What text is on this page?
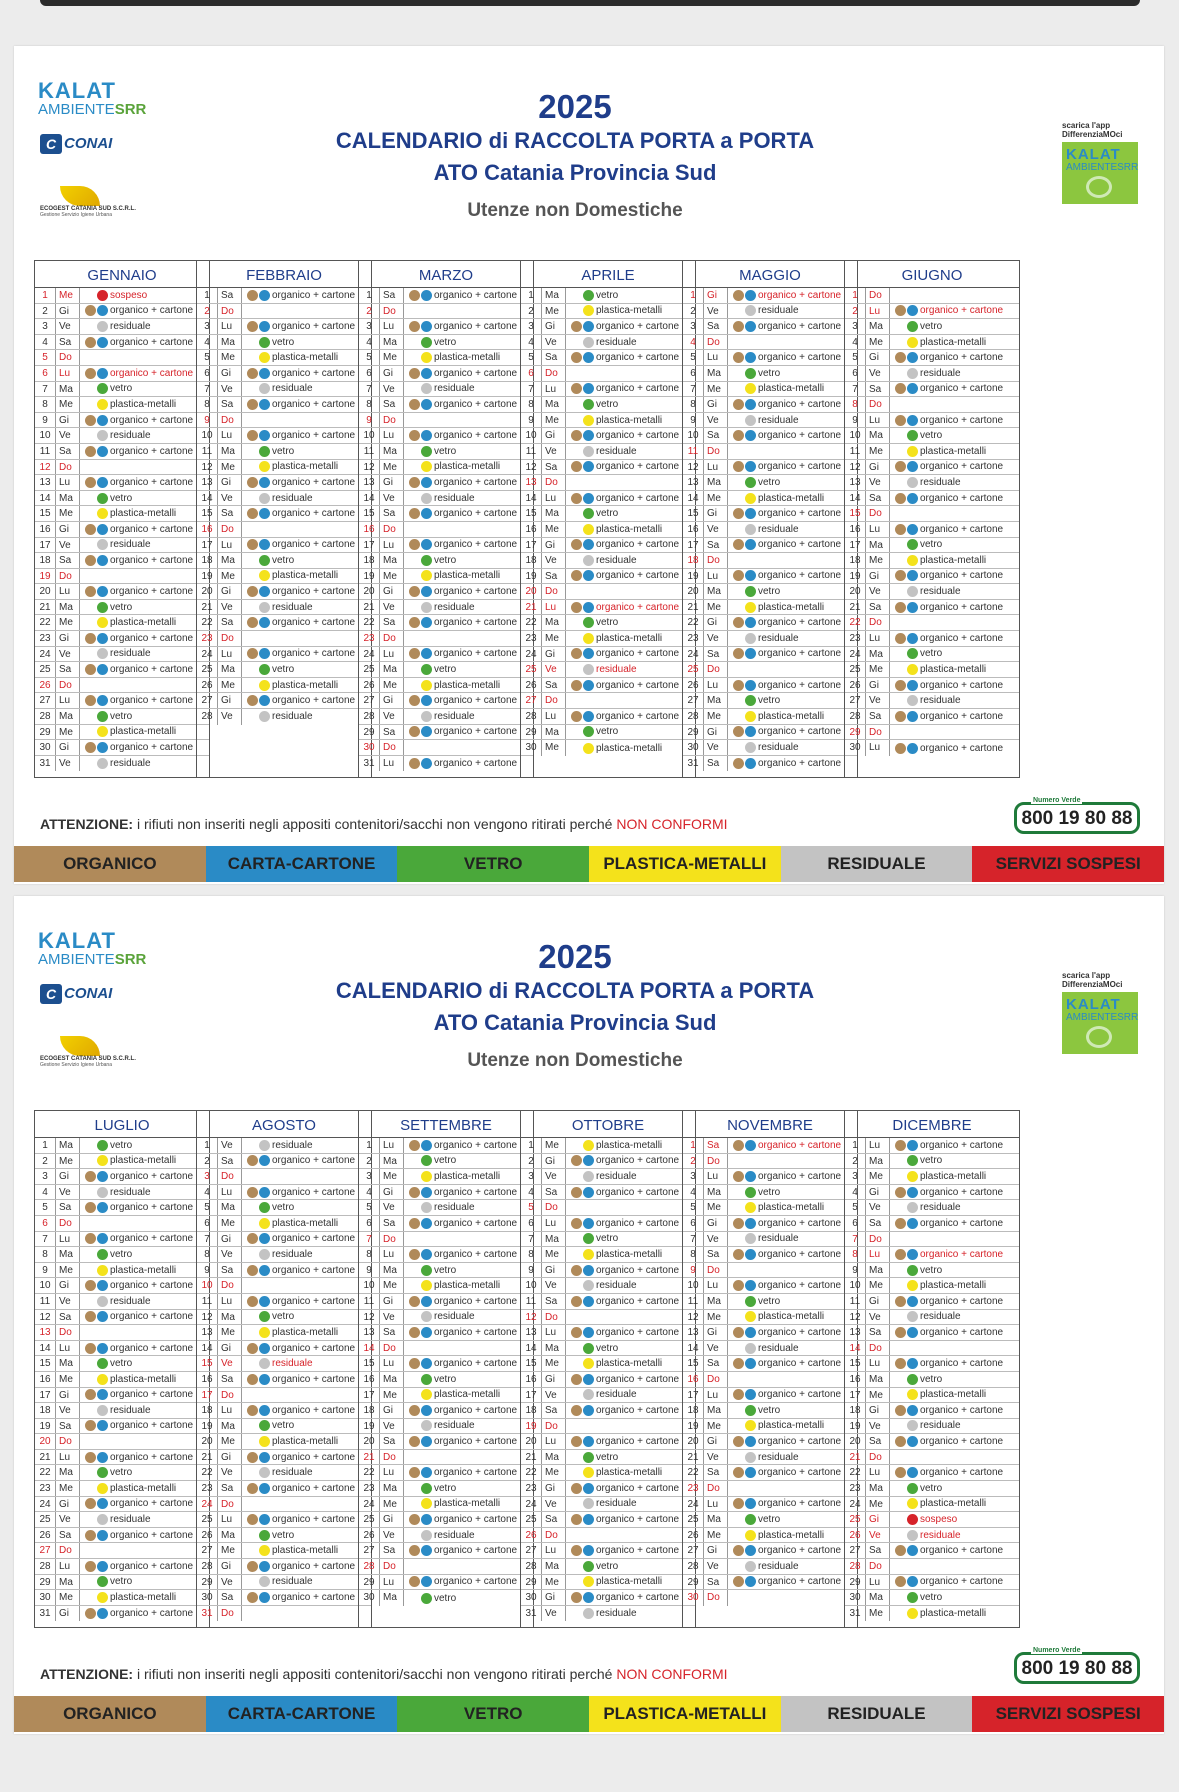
KALAT
AMBIENTESRR
C CONAI
ECOGEST CATANIA SUD S.C.R.L.
Gestione Servizio Igiene Urbana
2025
CALENDARIO di RACCOLTA PORTA a PORTA
ATO Catania Provincia Sud
Utenze non Domestiche
scarica l'app DifferenziaMOci
KALAT
AMBIENTESRR
GENNAIO
1	Me	sospeso
2	Gi	organico + cartone
3	Ve	residuale
4	Sa	organico + cartone
5	Do
6	Lu	organico + cartone
7	Ma	vetro
8	Me	plastica-metalli
9	Gi	organico + cartone
10 Ve	residuale
11 Sa	organico + cartone
12 Do
13 Lu	organico + cartone
14 Ma	vetro
15 Me	plastica-metalli
16 Gi	organico + cartone
17 Ve	residuale
18 Sa	organico + cartone
19 Do
20 Lu	organico + cartone
21 Ma	vetro
22 Me	plastica-metalli
23 Gi	organico + cartone
24 Ve	residuale
25 Sa	organico + cartone
26 Do
27 Lu	organico + cartone
28 Ma	vetro
29 Me	plastica-metalli
30 Gi	organico + cartone
31 Ve	residuale
FEBBRAIO
1	Sa	organico + cartone
2	Do
3	Lu	organico + cartone
4	Ma	vetro
5	Me	plastica-metalli
6	Gi	organico + cartone
7	Ve	residuale
8	Sa	organico + cartone
9	Do
10 Lu	organico + cartone
11 Ma	vetro
12 Me	plastica-metalli
13 Gi	organico + cartone
14 Ve	residuale
15 Sa	organico + cartone
16 Do
17 Lu	organico + cartone
18 Ma	vetro
19 Me	plastica-metalli
20 Gi	organico + cartone
21 Ve	residuale
22 Sa	organico + cartone
23 Do
24 Lu	organico + cartone
25 Ma	vetro
26 Me	plastica-metalli
27 Gi	organico + cartone
28 Ve	residuale
MARZO
1	Sa	organico + cartone
2	Do
3	Lu	organico + cartone
4	Ma	vetro
5	Me	plastica-metalli
6	Gi	organico + cartone
7	Ve	residuale
8	Sa	organico + cartone
9	Do
10 Lu	organico + cartone
11 Ma	vetro
12 Me	plastica-metalli
13 Gi	organico + cartone
14 Ve	residuale
15 Sa	organico + cartone
16 Do
17 Lu	organico + cartone
18 Ma	vetro
19 Me	plastica-metalli
20 Gi	organico + cartone
21 Ve	residuale
22 Sa	organico + cartone
23 Do
24 Lu	organico + cartone
25 Ma	vetro
26 Me	plastica-metalli
27 Gi	organico + cartone
28 Ve	residuale
29 Sa	organico + cartone
30 Do
31 Lu	organico + cartone
APRILE
1	Ma	vetro
2	Me	plastica-metalli
3	Gi	organico + cartone
4	Ve	residuale
5	Sa	organico + cartone
6	Do
7	Lu	organico + cartone
8	Ma	vetro
9	Me	plastica-metalli
10 Gi	organico + cartone
11 Ve	residuale
12 Sa	organico + cartone
13 Do
14 Lu	organico + cartone
15 Ma	vetro
16 Me	plastica-metalli
17 Gi	organico + cartone
18 Ve	residuale
19 Sa	organico + cartone
20 Do
21 Lu	organico + cartone
22 Ma	vetro
23 Me	plastica-metalli
24 Gi	organico + cartone
25 Ve	residuale
26 Sa	organico + cartone
27 Do
28 Lu	organico + cartone
29 Ma	vetro
30 Me	plastica-metalli
MAGGIO
1	Gi	organico + cartone
2	Ve	residuale
3	Sa	organico + cartone
4	Do
5	Lu	organico + cartone
6	Ma	vetro
7	Me	plastica-metalli
8	Gi	organico + cartone
9	Ve	residuale
10 Sa	organico + cartone
11 Do
12 Lu	organico + cartone
13 Ma	vetro
14 Me	plastica-metalli
15 Gi	organico + cartone
16 Ve	residuale
17 Sa	organico + cartone
18 Do
19 Lu	organico + cartone
20 Ma	vetro
21 Me	plastica-metalli
22 Gi	organico + cartone
23 Ve	residuale
24 Sa	organico + cartone
25 Do
26 Lu	organico + cartone
27 Ma	vetro
28 Me	plastica-metalli
29 Gi	organico + cartone
30 Ve	residuale
31 Sa	organico + cartone
GIUGNO
1	Do
2	Lu	organico + cartone
3	Ma	vetro
4	Me	plastica-metalli
5	Gi	organico + cartone
6	Ve	residuale
7	Sa	organico + cartone
8	Do
9	Lu	organico + cartone
10 Ma	vetro
11 Me	plastica-metalli
12 Gi	organico + cartone
13 Ve	residuale
14 Sa	organico + cartone
15 Do
16 Lu	organico + cartone
17 Ma	vetro
18 Me	plastica-metalli
19 Gi	organico + cartone
20 Ve	residuale
21 Sa	organico + cartone
22 Do
23 Lu	organico + cartone
24 Ma	vetro
25 Me	plastica-metalli
26 Gi	organico + cartone
27 Ve	residuale
28 Sa	organico + cartone
29 Do
30 Lu	organico + cartone
ATTENZIONE: i rifiuti non inseriti negli appositi contenitori/sacchi non vengono ritirati perché NON CONFORMI
Numero Verde
800 19 80 88
ORGANICO	CARTA-CARTONE	VETRO	PLASTICA-METALLI	RESIDUALE	SERVIZI SOSPESI
KALAT
AMBIENTESRR
C CONAI
ECOGEST CATANIA SUD S.C.R.L.
Gestione Servizio Igiene Urbana
2025
CALENDARIO di RACCOLTA PORTA a PORTA
ATO Catania Provincia Sud
Utenze non Domestiche
scarica l'app DifferenziaMOci
KALAT
AMBIENTESRR
LUGLIO
1	Ma	vetro
2	Me	plastica-metalli
3	Gi	organico + cartone
4	Ve	residuale
5	Sa	organico + cartone
6	Do
7	Lu	organico + cartone
8	Ma	vetro
9	Me	plastica-metalli
10 Gi	organico + cartone
11 Ve	residuale
12 Sa	organico + cartone
13 Do
14 Lu	organico + cartone
15 Ma	vetro
16 Me	plastica-metalli
17 Gi	organico + cartone
18 Ve	residuale
19 Sa	organico + cartone
20 Do
21 Lu	organico + cartone
22 Ma	vetro
23 Me	plastica-metalli
24 Gi	organico + cartone
25 Ve	residuale
26 Sa	organico + cartone
27 Do
28 Lu	organico + cartone
29 Ma	vetro
30 Me	plastica-metalli
31 Gi	organico + cartone
AGOSTO
1	Ve	residuale
2	Sa	organico + cartone
3	Do
4	Lu	organico + cartone
5	Ma	vetro
6	Me	plastica-metalli
7	Gi	organico + cartone
8	Ve	residuale
9	Sa	organico + cartone
10 Do
11 Lu	organico + cartone
12 Ma	vetro
13 Me	plastica-metalli
14 Gi	organico + cartone
15 Ve	residuale
16 Sa	organico + cartone
17 Do
18 Lu	organico + cartone
19 Ma	vetro
20 Me	plastica-metalli
21 Gi	organico + cartone
22 Ve	residuale
23 Sa	organico + cartone
24 Do
25 Lu	organico + cartone
26 Ma	vetro
27 Me	plastica-metalli
28 Gi	organico + cartone
29 Ve	residuale
30 Sa	organico + cartone
31 Do
SETTEMBRE
1	Lu	organico + cartone
2	Ma	vetro
3	Me	plastica-metalli
4	Gi	organico + cartone
5	Ve	residuale
6	Sa	organico + cartone
7	Do
8	Lu	organico + cartone
9	Ma	vetro
10 Me	plastica-metalli
11 Gi	organico + cartone
12 Ve	residuale
13 Sa	organico + cartone
14 Do
15 Lu	organico + cartone
16 Ma	vetro
17 Me	plastica-metalli
18 Gi	organico + cartone
19 Ve	residuale
20 Sa	organico + cartone
21 Do
22 Lu	organico + cartone
23 Ma	vetro
24 Me	plastica-metalli
25 Gi	organico + cartone
26 Ve	residuale
27 Sa	organico + cartone
28 Do
29 Lu	organico + cartone
30 Ma	vetro
OTTOBRE
1	Me	plastica-metalli
2	Gi	organico + cartone
3	Ve	residuale
4	Sa	organico + cartone
5	Do
6	Lu	organico + cartone
7	Ma	vetro
8	Me	plastica-metalli
9	Gi	organico + cartone
10 Ve	residuale
11 Sa	organico + cartone
12 Do
13 Lu	organico + cartone
14 Ma	vetro
15 Me	plastica-metalli
16 Gi	organico + cartone
17 Ve	residuale
18 Sa	organico + cartone
19 Do
20 Lu	organico + cartone
21 Ma	vetro
22 Me	plastica-metalli
23 Gi	organico + cartone
24 Ve	residuale
25 Sa	organico + cartone
26 Do
27 Lu	organico + cartone
28 Ma	vetro
29 Me	plastica-metalli
30 Gi	organico + cartone
31 Ve	residuale
NOVEMBRE
1	Sa	organico + cartone
2	Do
3	Lu	organico + cartone
4	Ma	vetro
5	Me	plastica-metalli
6	Gi	organico + cartone
7	Ve	residuale
8	Sa	organico + cartone
9	Do
10 Lu	organico + cartone
11 Ma	vetro
12 Me	plastica-metalli
13 Gi	organico + cartone
14 Ve	residuale
15 Sa	organico + cartone
16 Do
17 Lu	organico + cartone
18 Ma	vetro
19 Me	plastica-metalli
20 Gi	organico + cartone
21 Ve	residuale
22 Sa	organico + cartone
23 Do
24 Lu	organico + cartone
25 Ma	vetro
26 Me	plastica-metalli
27 Gi	organico + cartone
28 Ve	residuale
29 Sa	organico + cartone
30 Do
DICEMBRE
1	Lu	organico + cartone
2	Ma	vetro
3	Me	plastica-metalli
4	Gi	organico + cartone
5	Ve	residuale
6	Sa	organico + cartone
7	Do
8	Lu	organico + cartone
9	Ma	vetro
10 Me	plastica-metalli
11 Gi	organico + cartone
12 Ve	residuale
13 Sa	organico + cartone
14 Do
15 Lu	organico + cartone
16 Ma	vetro
17 Me	plastica-metalli
18 Gi	organico + cartone
19 Ve	residuale
20 Sa	organico + cartone
21 Do
22 Lu	organico + cartone
23 Ma	vetro
24 Me	plastica-metalli
25 Gi	sospeso
26 Ve	residuale
27 Sa	organico + cartone
28 Do
29 Lu	organico + cartone
30 Ma	vetro
31 Me	plastica-metalli
ATTENZIONE: i rifiuti non inseriti negli appositi contenitori/sacchi non vengono ritirati perché NON CONFORMI
Numero Verde
800 19 80 88
ORGANICO	CARTA-CARTONE	VETRO	PLASTICA-METALLI	RESIDUALE	SERVIZI SOSPESI
